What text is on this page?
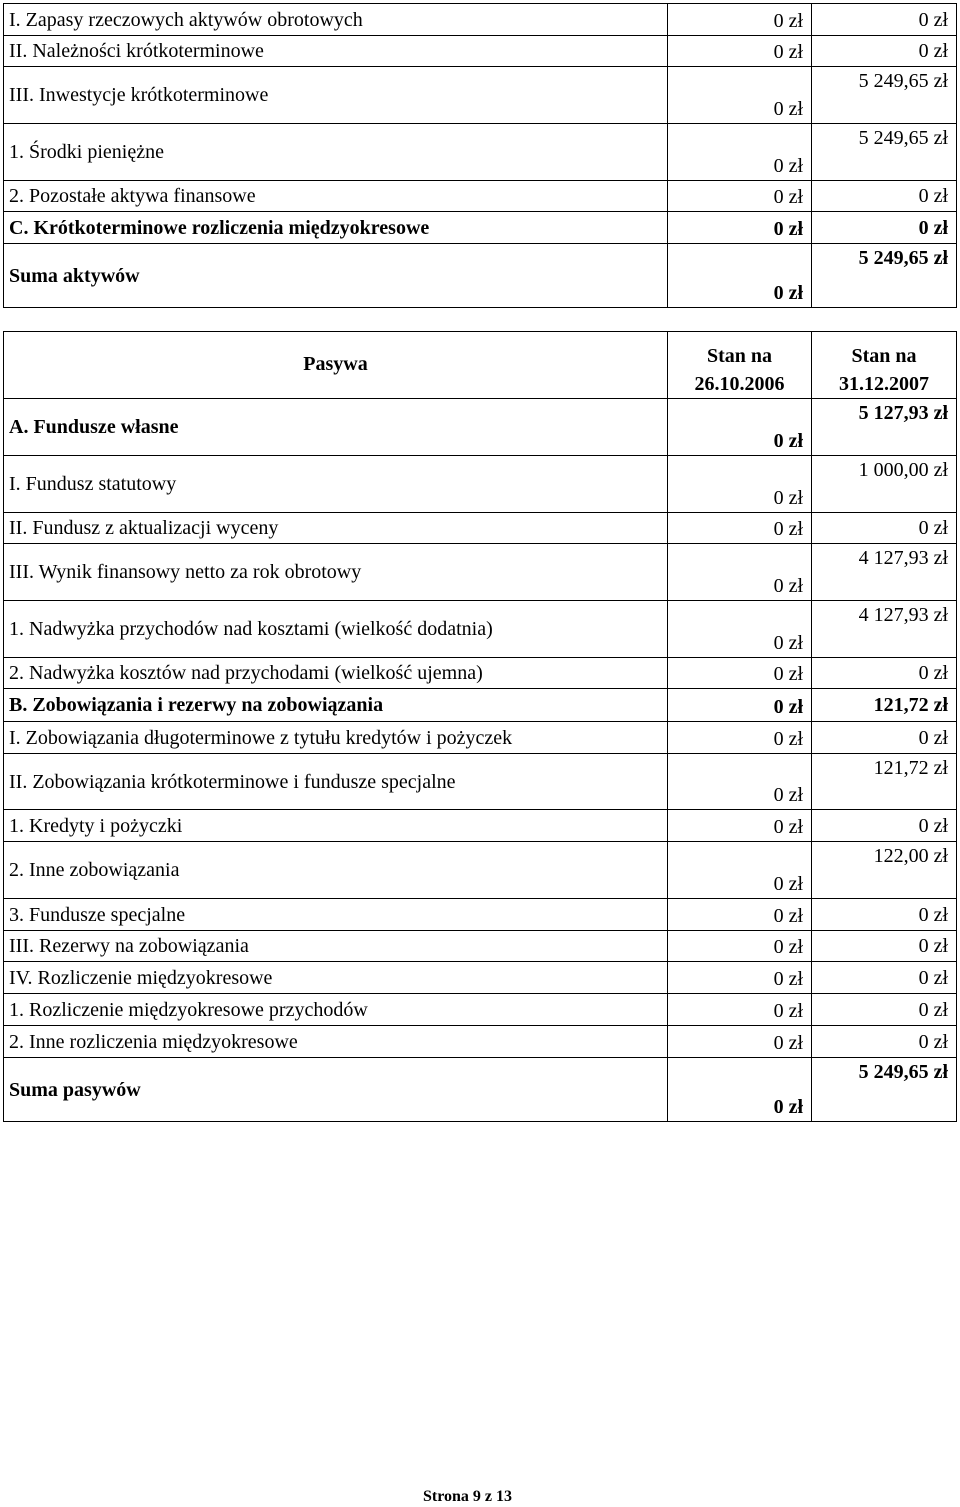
I. Zapasy rzeczowych aktywów obrotowych	0 zł	0 zł
II. Należności krótkoterminowe	0 zł	0 zł
III. Inwestycje krótkoterminowe	0 zł	5 249,65 zł
1. Środki pieniężne	0 zł	5 249,65 zł
2. Pozostałe aktywa finansowe	0 zł	0 zł
C. Krótkoterminowe rozliczenia międzyokresowe	0 zł	0 zł
Suma aktywów	0 zł	5 249,65 zł
Pasywa	Stan na 26.10.2006	Stan na 31.12.2007
A. Fundusze własne	0 zł	5 127,93 zł
I. Fundusz statutowy	0 zł	1 000,00 zł
II. Fundusz z aktualizacji wyceny	0 zł	0 zł
III. Wynik finansowy netto za rok obrotowy	0 zł	4 127,93 zł
1. Nadwyżka przychodów nad kosztami (wielkość dodatnia)	0 zł	4 127,93 zł
2. Nadwyżka kosztów nad przychodami (wielkość ujemna)	0 zł	0 zł
B. Zobowiązania i rezerwy na zobowiązania	0 zł	121,72 zł
I. Zobowiązania długoterminowe z tytułu kredytów i pożyczek	0 zł	0 zł
II. Zobowiązania krótkoterminowe i fundusze specjalne	0 zł	121,72 zł
1. Kredyty i pożyczki	0 zł	0 zł
2. Inne zobowiązania	0 zł	122,00 zł
3. Fundusze specjalne	0 zł	0 zł
III. Rezerwy na zobowiązania	0 zł	0 zł
IV. Rozliczenie międzyokresowe	0 zł	0 zł
1. Rozliczenie międzyokresowe przychodów	0 zł	0 zł
2. Inne rozliczenia międzyokresowe	0 zł	0 zł
Suma pasywów	0 zł	5 249,65 zł
Strona 9 z 13
